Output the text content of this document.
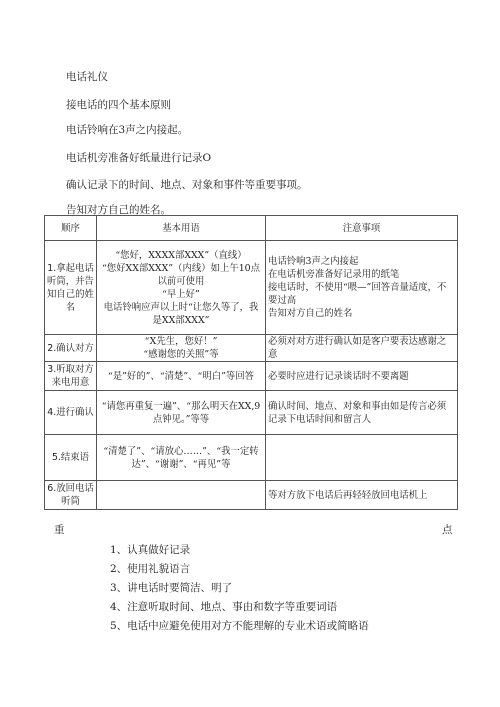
电话礼仪
接电话的四个基本原则
电话铃响在3声之内接起。
电话机旁准备好纸量进行记录O
确认记录下的时间、地点、对象和事件等重要事项。
告知对方自己的姓名。
顺序	基本用语	注意事项
1.拿起电话听筒，并告知自己的姓名	“您好，XXXX部XXX”（直线）
“您好XX部XXX”（内线）如上午10点以前可使用
“早上好”
电话铃响应声以上时“让您久等了，我是XX部XXX”	电话铃响3声之内接起
在电话机旁准备好记录用的纸笔
接电话时，不使用“喂—”回答音量适度，不要过高
告知对方自己的姓名

2.确认对方	“X先生，您好！”
“感谢您的关照”等	必须对对方进行确认如是客户要表达感谢之意

3.听取对方来电用意	“是”好的”、“清楚”、“明白”等回答	必要时应进行记录谈话时不要离题

4.进行确认	“请您再重复一遍”、“那么明天在XX,9点钟见。”等等	确认时间、地点、对象和事由如是传言必须记录下电话时间和留言人

5.结束语	“清楚了”、“请放心……”、“我一定转达”、“谢谢”、“再见”等	

6.放回电话听筒		等对方放下电话后再轻轻放回电话机上
重	点
1、认真做好记录
2、使用礼貌语言
3、讲电话时要简洁、明了
4、注意听取时间、地点、事由和数字等重要词语
5、电话中应避免使用对方不能理解的专业术语或简略语
